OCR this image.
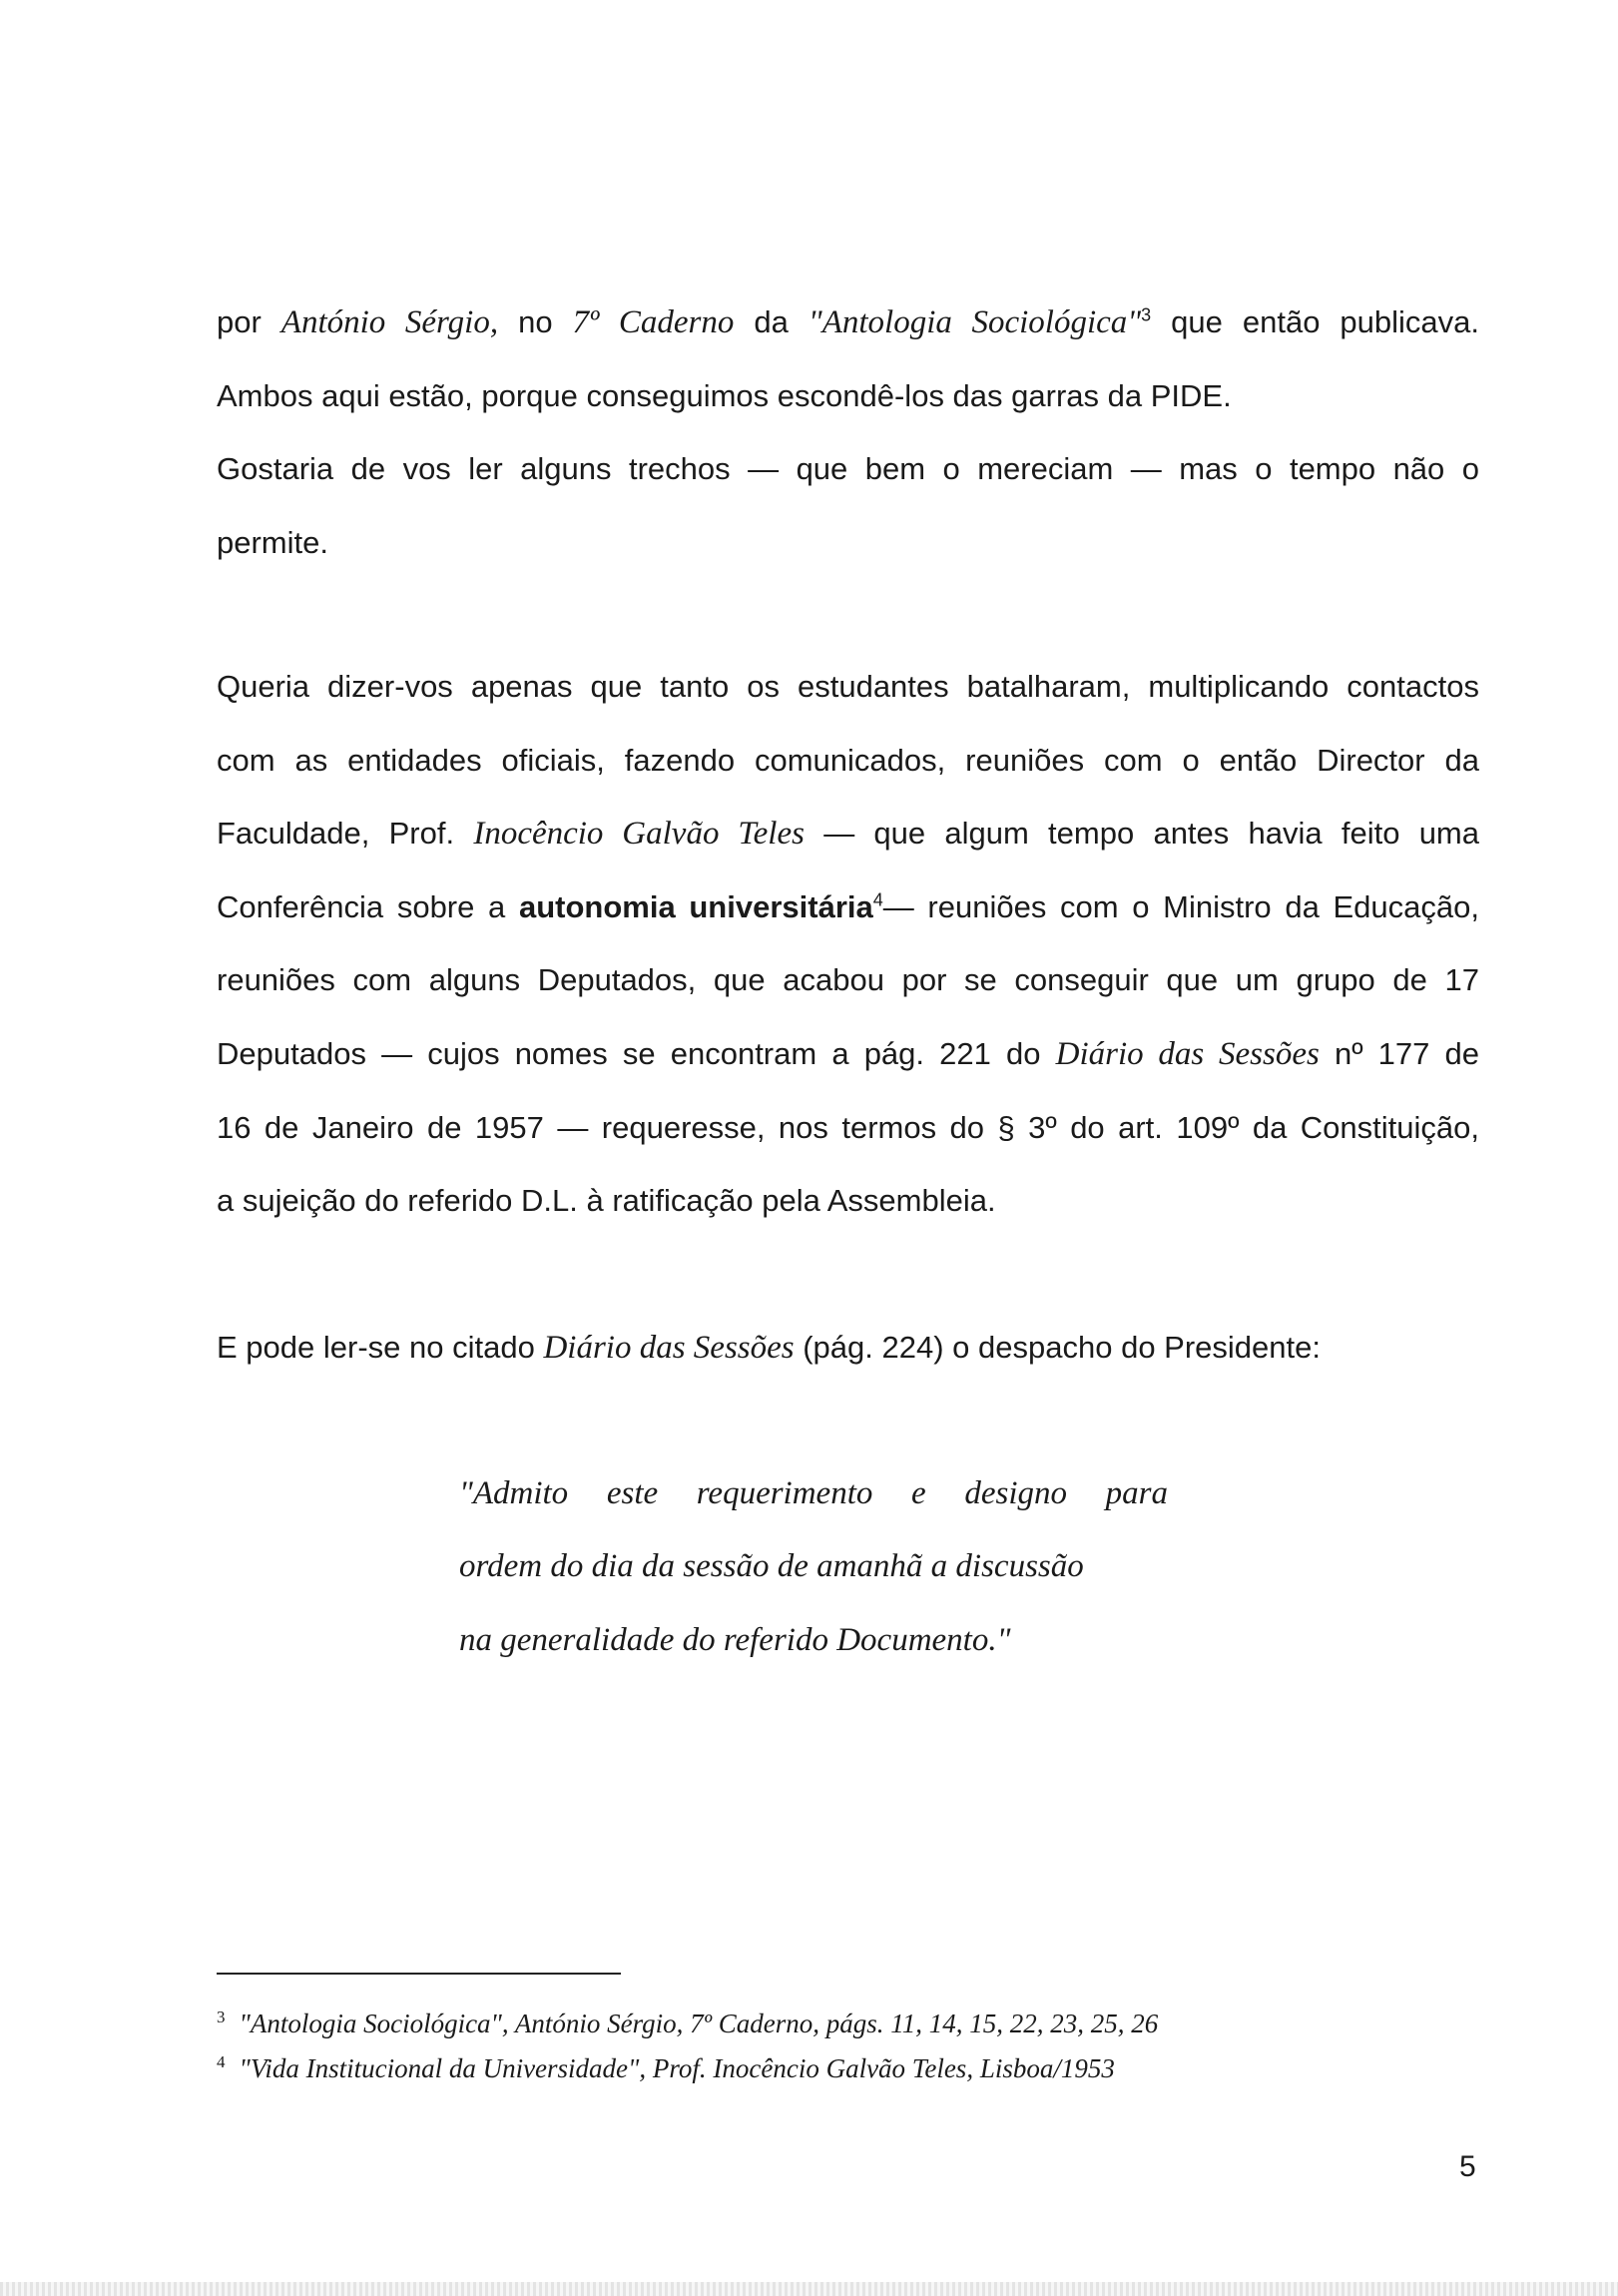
por António Sérgio, no 7º Caderno da "Antologia Sociológica"$^3$ que então publicava.
Ambos aqui estão, porque conseguimos escondê-los das garras da PIDE.
Gostaria de vos ler alguns trechos — que bem o mereciam — mas o tempo não o
permite.
Queria dizer-vos apenas que tanto os estudantes batalharam, multiplicando contactos
com as entidades oficiais, fazendo comunicados, reuniões com o então Director da
Faculdade, Prof. Inocêncio Galvão Teles — que algum tempo antes havia feito uma
Conferência sobre a autonomia universitária$^4$— reuniões com o Ministro da Educação,
reuniões com alguns Deputados, que acabou por se conseguir que um grupo de 17
Deputados — cujos nomes se encontram a pág. 221 do Diário das Sessões nº 177 de
16 de Janeiro de 1957 — requeresse, nos termos do § 3º do art. 109º da Constituição,
a sujeição do referido D.L. à ratificação pela Assembleia.
E pode ler-se no citado Diário das Sessões (pág. 224) o despacho do Presidente:
"Admito este requerimento e designo para
ordem do dia da sessão de amanhã a discussão
na generalidade do referido Documento."
$^3$ "Antologia Sociológica", António Sérgio, 7º Caderno, págs. 11, 14, 15, 22, 23, 25, 26
$^4$ "Vida Institucional da Universidade", Prof. Inocêncio Galvão Teles, Lisboa/1953
5
